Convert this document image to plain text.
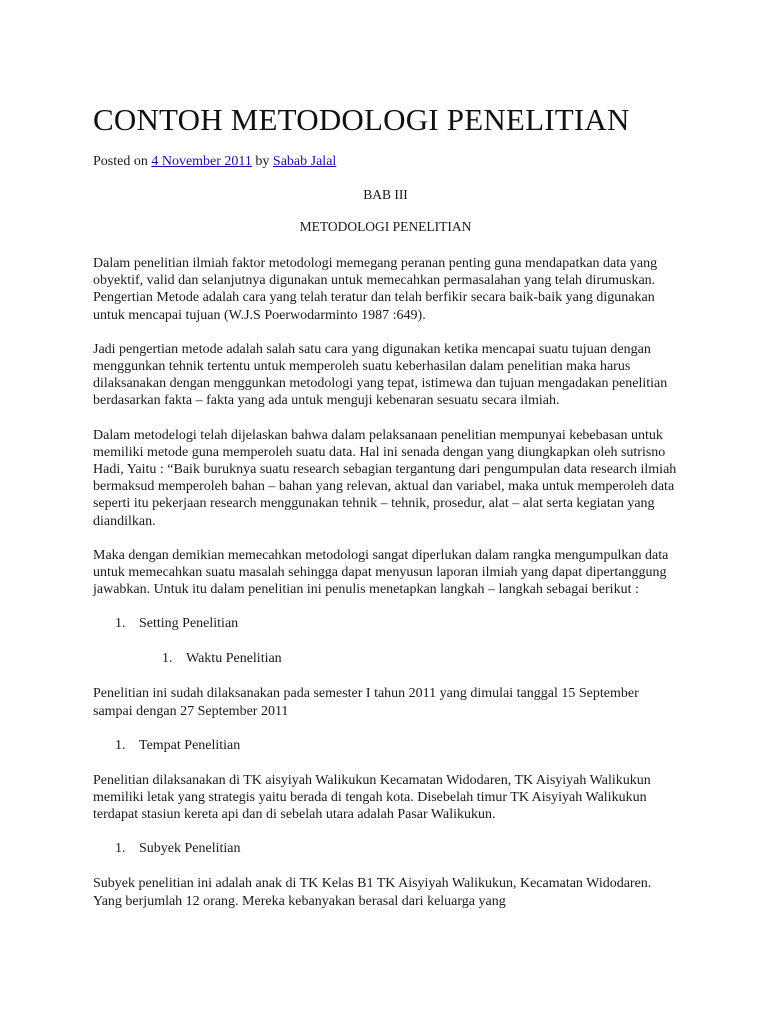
CONTOH METODOLOGI PENELITIAN
Posted on 4 November 2011 by Sabab Jalal
BAB III
METODOLOGI PENELITIAN

Dalam penelitian ilmiah faktor metodologi memegang peranan penting guna mendapatkan data yang obyektif, valid dan selanjutnya digunakan untuk memecahkan permasalahan yang telah dirumuskan. Pengertian Metode adalah cara yang telah teratur dan telah berfikir secara baik-baik yang digunakan untuk mencapai tujuan (W.J.S Poerwodarminto 1987 :649).

Jadi pengertian metode adalah salah satu cara yang digunakan ketika mencapai suatu tujuan dengan menggunkan tehnik tertentu untuk memperoleh suatu keberhasilan dalam penelitian maka harus dilaksanakan dengan menggunkan metodologi yang tepat, istimewa dan tujuan mengadakan penelitian berdasarkan fakta – fakta yang ada untuk menguji kebenaran sesuatu secara ilmiah.

Dalam metodelogi telah dijelaskan bahwa dalam pelaksanaan penelitian mempunyai kebebasan untuk memiliki metode guna memperoleh suatu data. Hal ini senada dengan yang diungkapkan oleh sutrisno Hadi, Yaitu : “Baik buruknya suatu research sebagian tergantung dari pengumpulan data research ilmiah bermaksud memperoleh bahan – bahan yang relevan, aktual dan variabel, maka untuk memperoleh data seperti itu pekerjaan research menggunakan tehnik – tehnik, prosedur, alat – alat serta kegiatan yang diandilkan.

Maka dengan demikian memecahkan metodologi sangat diperlukan dalam rangka mengumpulkan data untuk memecahkan suatu masalah sehingga dapat menyusun laporan ilmiah yang dapat dipertanggung jawabkan. Untuk itu dalam penelitian ini penulis menetapkan langkah – langkah sebagai berikut :

1. Setting Penelitian
1. Waktu Penelitian

Penelitian ini sudah dilaksanakan pada semester I tahun 2011 yang dimulai tanggal 15 September sampai dengan 27 September 2011

1. Tempat Penelitian

Penelitian dilaksanakan di TK aisyiyah Walikukun Kecamatan Widodaren, TK Aisyiyah Walikukun memiliki letak yang strategis yaitu berada di tengah kota. Disebelah timur TK Aisyiyah Walikukun terdapat stasiun kereta api dan di sebelah utara adalah Pasar Walikukun.

1. Subyek Penelitian

Subyek penelitian ini adalah anak di TK Kelas B1 TK Aisyiyah Walikukun, Kecamatan Widodaren. Yang berjumlah 12 orang. Mereka kebanyakan berasal dari keluarga yang
